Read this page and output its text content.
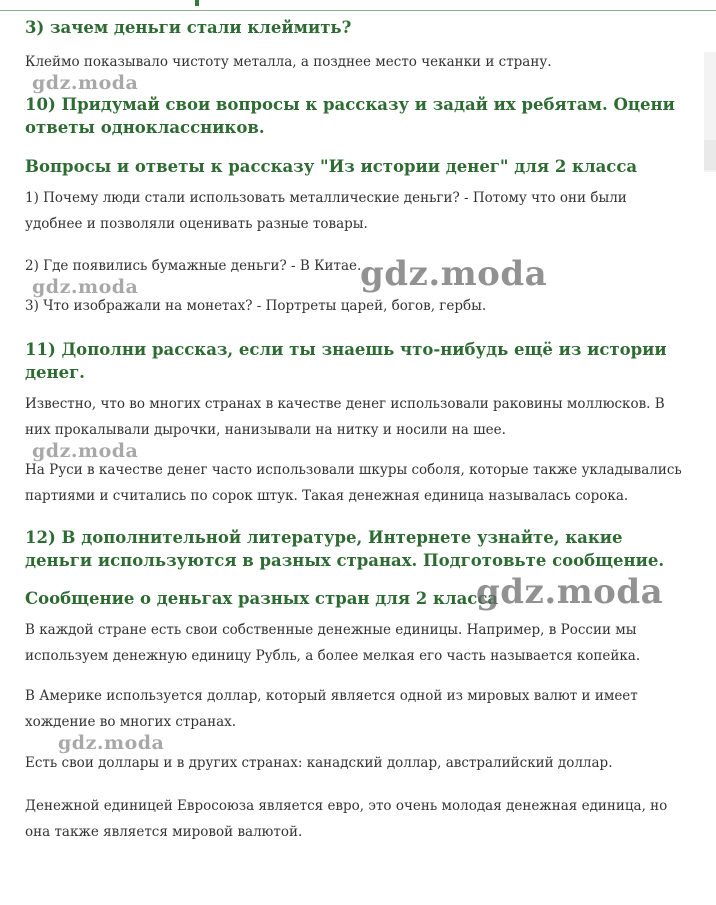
3) зачем деньги стали клеймить?

Клеймо показывало чистоту металла, а позднее место чеканки и страну.

10) Придумай свои вопросы к рассказу и задай их ребятам. Оцени ответы одноклассников.
Вопросы и ответы к рассказу "Из истории денег" для 2 класса

1) Почему люди стали использовать металлические деньги? - Потому что они были удобнее и позволяли оценивать разные товары.

2) Где появились бумажные деньги? - В Китае.

3) Что изображали на монетах? - Портреты царей, богов, гербы.

11) Дополни рассказ, если ты знаешь что-нибудь ещё из истории денег.

Известно, что во многих странах в качестве денег использовали раковины моллюсков. В них прокалывали дырочки, нанизывали на нитку и носили на шее.

На Руси в качестве денег часто использовали шкуры соболя, которые также укладывались партиями и считались по сорок штук. Такая денежная единица называлась сорока.

12) В дополнительной литературе, Интернете узнайте, какие деньги используются в разных странах. Подготовьте сообщение.
Сообщение о деньгах разных стран для 2 класса

В каждой стране есть свои собственные денежные единицы. Например, в России мы используем денежную единицу Рубль, а более мелкая его часть называется копейка.

В Америке используется доллар, который является одной из мировых валют и имеет хождение во многих странах.

Есть свои доллары и в других странах: канадский доллар, австралийский доллар.

Денежной единицей Евросоюза является евро, это очень молодая денежная единица, но она также является мировой валютой.

gdz.moda
gdz.moda
gdz.moda
gdz.moda
gdz.moda
gdz.moda
